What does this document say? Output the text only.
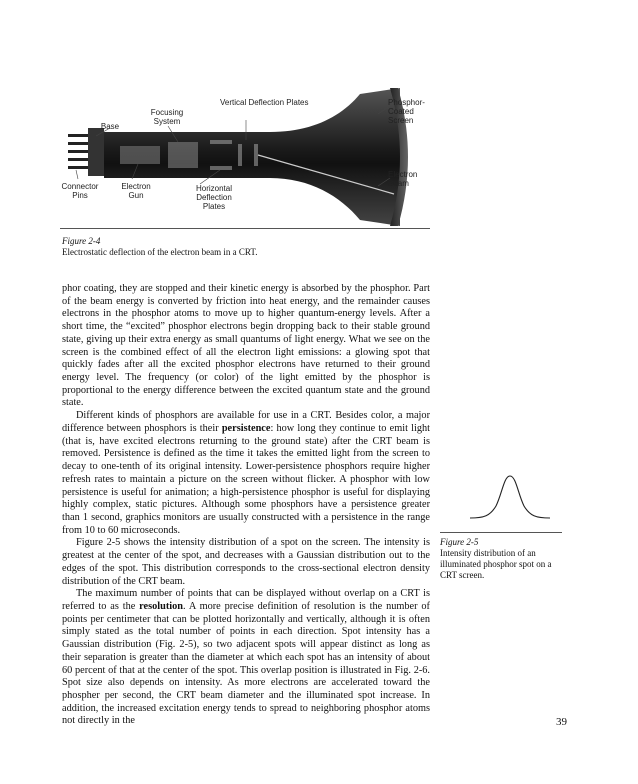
Vertical Deflection Plates
Focusing System
Base
Phosphor-Coated Screen
Electron Beam
Connector Pins
Electron Gun
Horizontal Deflection Plates
Figure 2-4
Electrostatic deflection of the electron beam in a CRT.

phor coating, they are stopped and their kinetic energy is absorbed by the phosphor. Part of the beam energy is converted by friction into heat energy, and the remainder causes electrons in the phosphor atoms to move up to higher quantum-energy levels. After a short time, the “excited” phosphor electrons begin dropping back to their stable ground state, giving up their extra energy as small quantums of light energy. What we see on the screen is the combined effect of all the electron light emissions: a glowing spot that quickly fades after all the excited phosphor electrons have returned to their ground energy level. The frequency (or color) of the light emitted by the phosphor is proportional to the energy difference between the excited quantum state and the ground state.

Different kinds of phosphors are available for use in a CRT. Besides color, a major difference between phosphors is their persistence: how long they continue to emit light (that is, have excited electrons returning to the ground state) after the CRT beam is removed. Persistence is defined as the time it takes the emitted light from the screen to decay to one-tenth of its original intensity. Lower-persistence phosphors require higher refresh rates to maintain a picture on the screen without flicker. A phosphor with low persistence is useful for animation; a high-persistence phosphor is useful for displaying highly complex, static pictures. Although some phosphors have a persistence greater than 1 second, graphics monitors are usually constructed with a persistence in the range from 10 to 60 microseconds.

Figure 2-5 shows the intensity distribution of a spot on the screen. The intensity is greatest at the center of the spot, and decreases with a Gaussian distribution out to the edges of the spot. This distribution corresponds to the cross-sectional electron density distribution of the CRT beam.

The maximum number of points that can be displayed without overlap on a CRT is referred to as the resolution. A more precise definition of resolution is the number of points per centimeter that can be plotted horizontally and vertically, although it is often simply stated as the total number of points in each direction. Spot intensity has a Gaussian distribution (Fig. 2-5), so two adjacent spots will appear distinct as long as their separation is greater than the diameter at which each spot has an intensity of about 60 percent of that at the center of the spot. This overlap position is illustrated in Fig. 2-6. Spot size also depends on intensity. As more electrons are accelerated toward the phospher per second, the CRT beam diameter and the illuminated spot increase. In addition, the increased excitation energy tends to spread to neighboring phosphor atoms not directly in the

Figure 2-5
Intensity distribution of an illuminated phosphor spot on a CRT screen.
39
